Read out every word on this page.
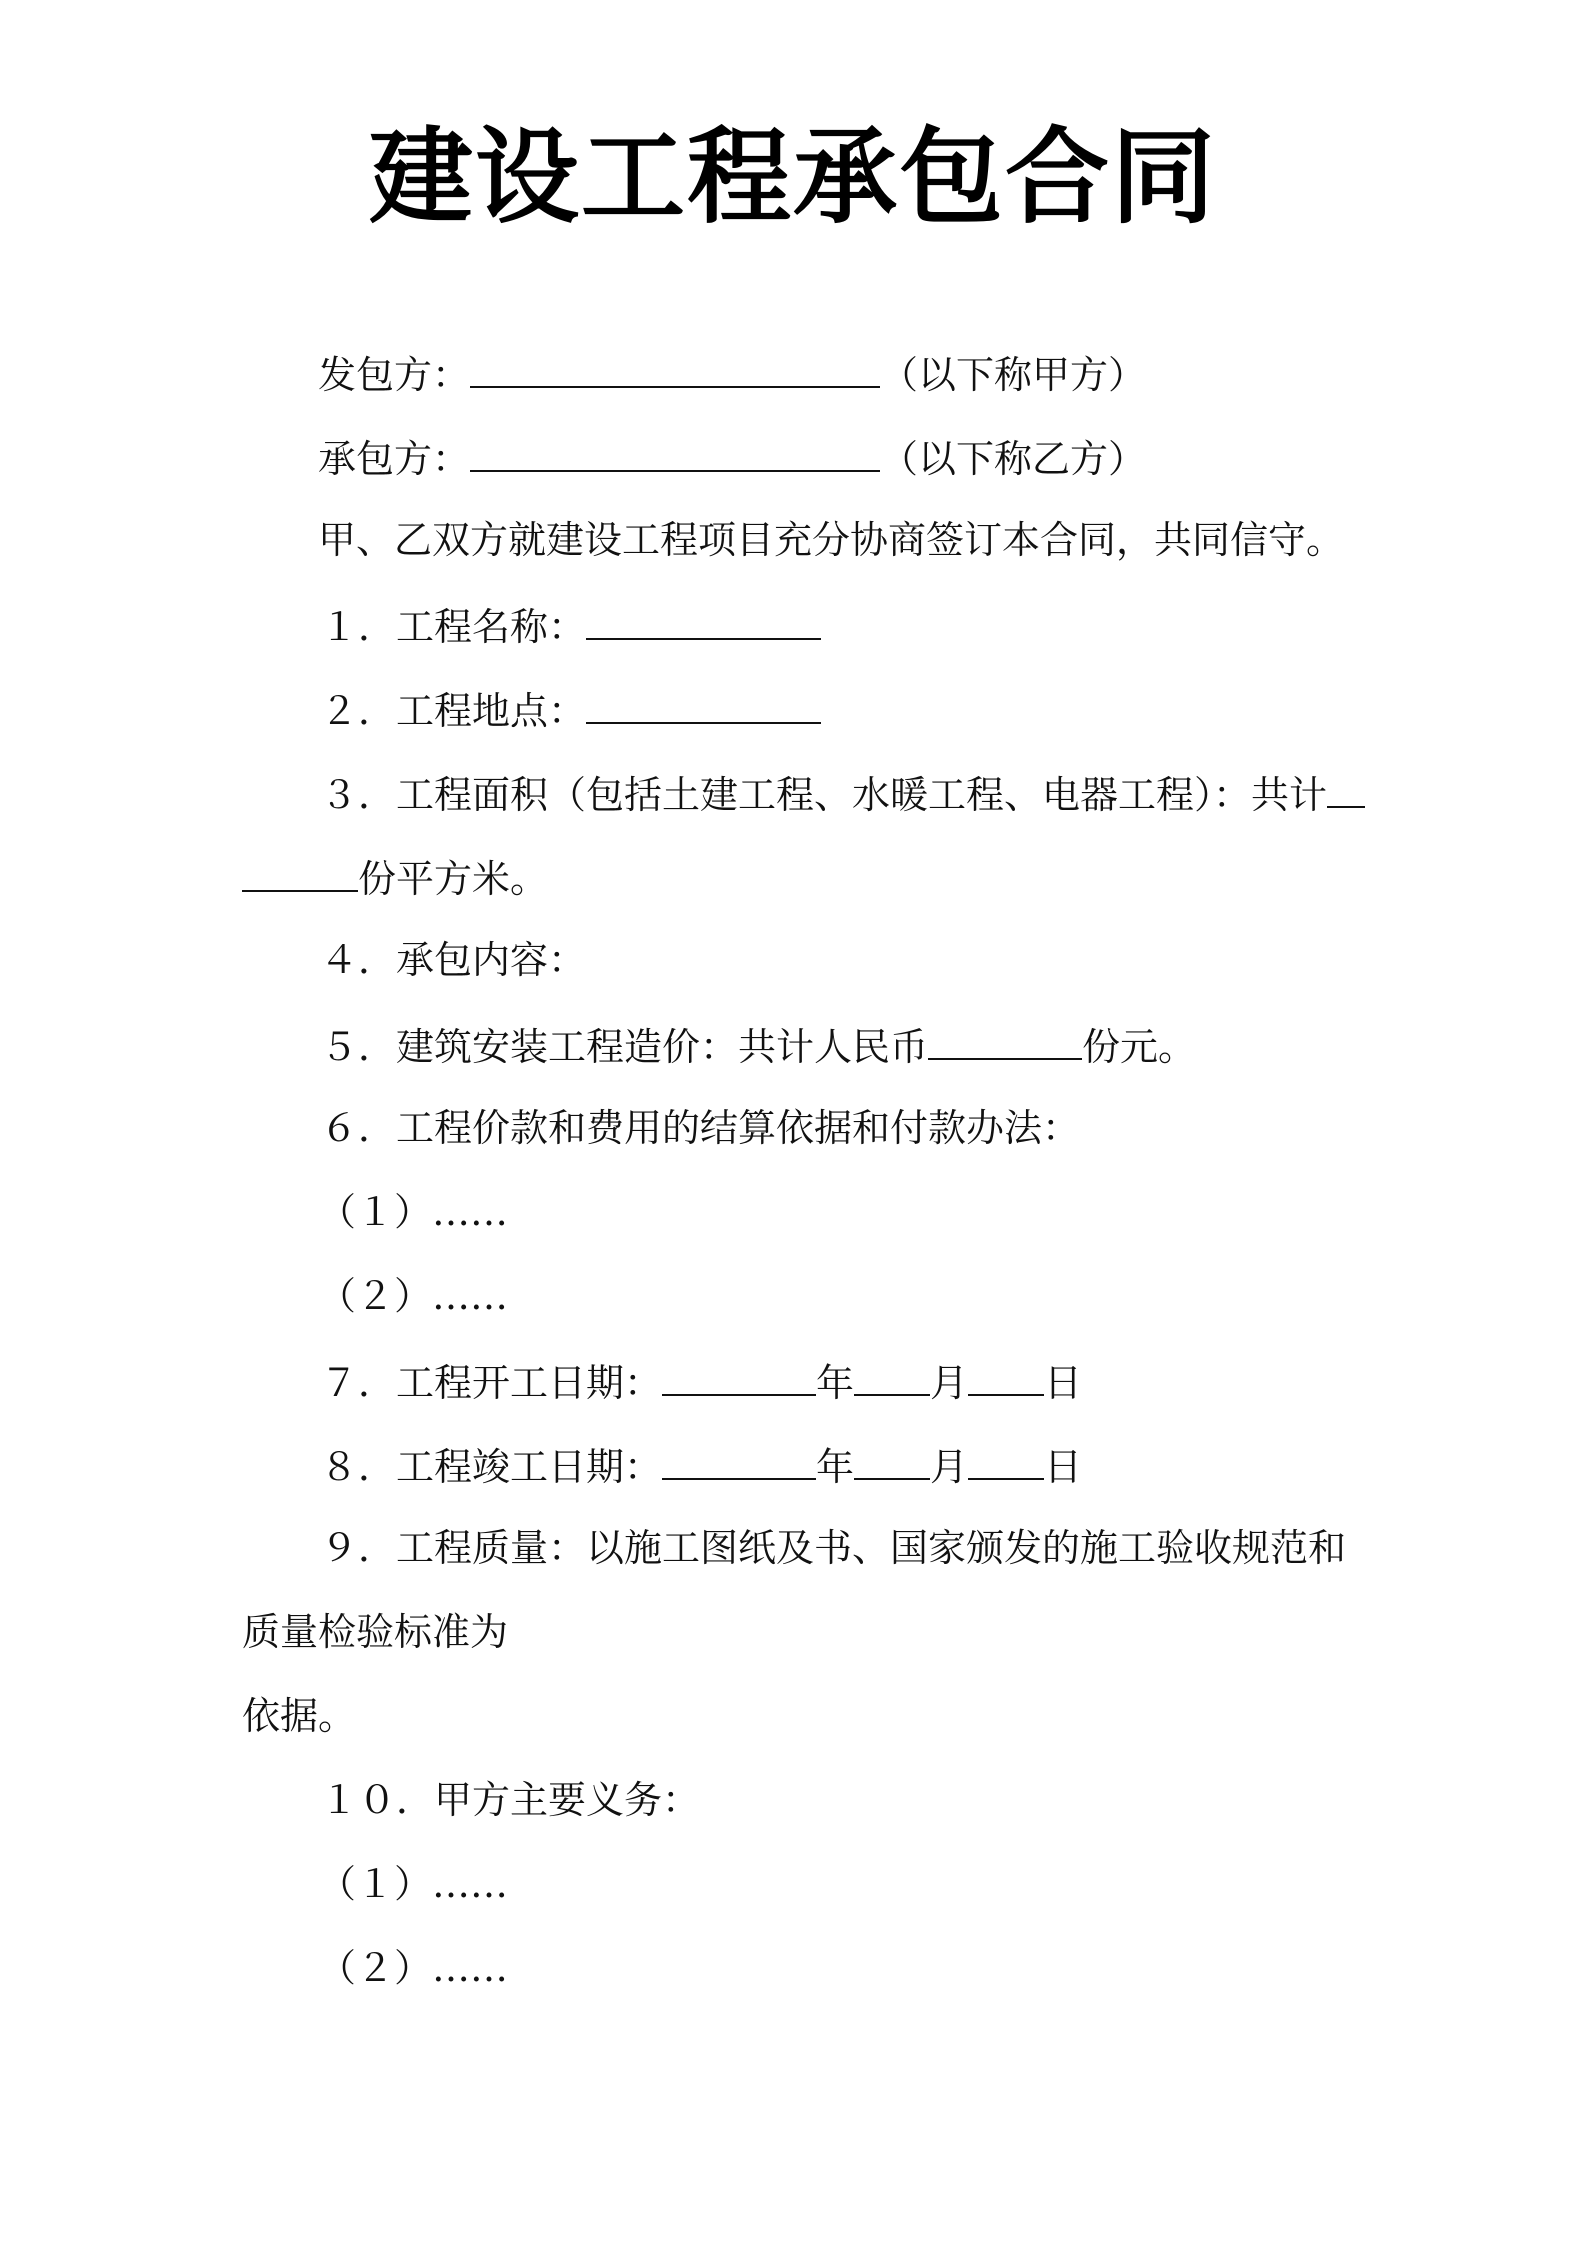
建设工程承包合同
发包方：	（以下称甲方）
承包方：	（以下称乙方）
甲、乙双方就建设工程项目充分协商签订本合同，共同信守。
１．工程名称：
２．工程地点：
３．工程面积（包括土建工程、水暖工程、电器工程）：共计
份平方米。
４．承包内容：
５．建筑安装工程造价：共计人民币	份元。
６．工程价款和费用的结算依据和付款办法：
（１）……
（２）……
７．工程开工日期：	年 月 日
８．工程竣工日期：	年 月 日
９．工程质量：以施工图纸及书、国家颁发的施工验收规范和
质量检验标准为
依据。
１０．甲方主要义务：
（１）……
（２）……
